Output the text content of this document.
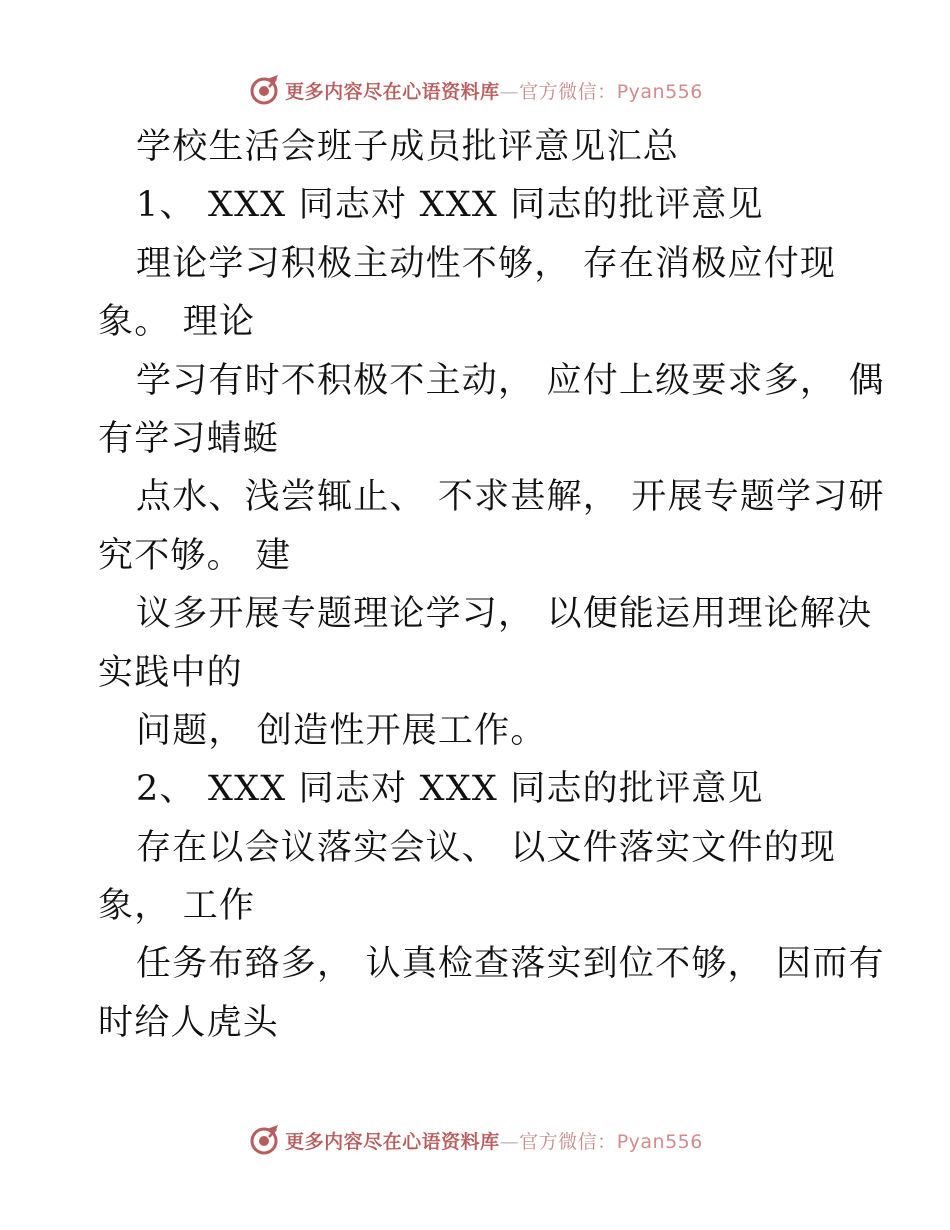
更多内容尽在心语资料库—官方微信：Pyan556
学校生活会班子成员批评意见汇总
1、 XXX 同志对 XXX 同志的批评意见
理论学习积极主动性不够， 存在消极应付现
象。 理论
学习有时不积极不主动， 应付上级要求多， 偶
有学习蜻蜓
点水、浅尝辄止、 不求甚解， 开展专题学习研
究不够。 建
议多开展专题理论学习， 以便能运用理论解决
实践中的
问题， 创造性开展工作。
2、 XXX 同志对 XXX 同志的批评意见
存在以会议落实会议、 以文件落实文件的现
象， 工作
任务布臵多， 认真检查落实到位不够， 因而有
时给人虎头
更多内容尽在心语资料库—官方微信：Pyan556
